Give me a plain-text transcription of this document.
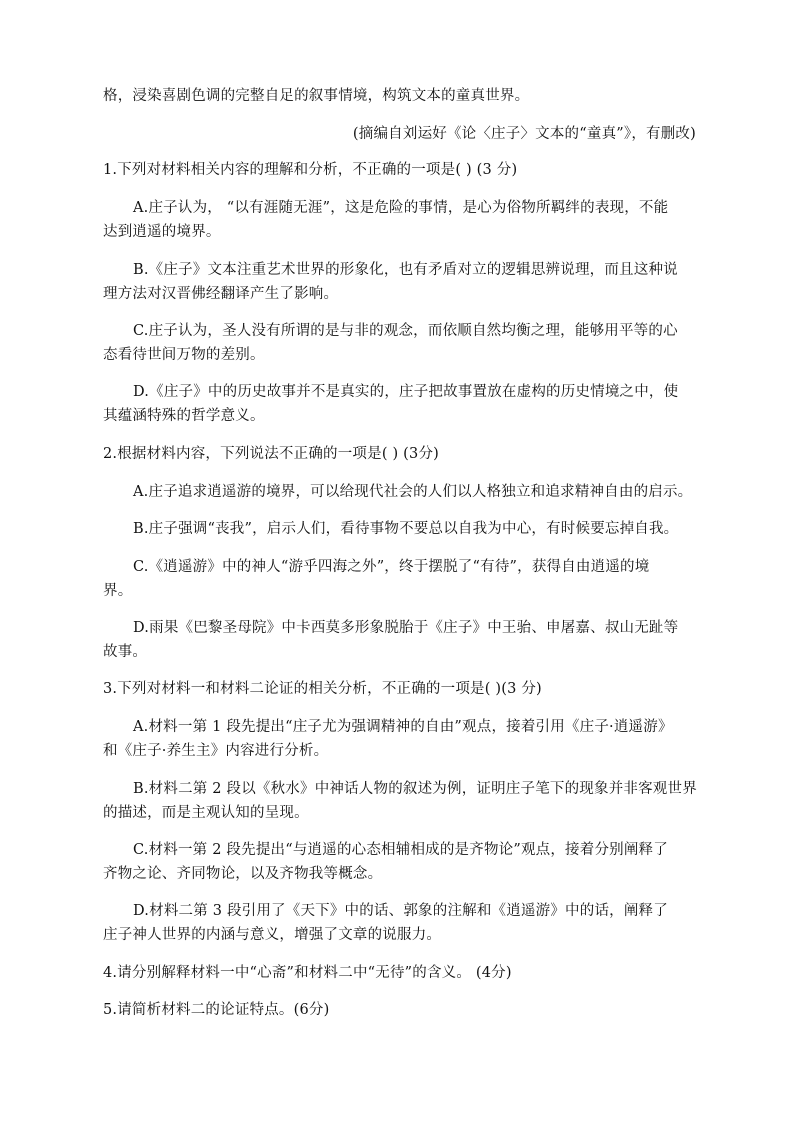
格，浸染喜剧色调的完整自足的叙事情境，构筑文本的童真世界。
(摘编自刘运好《论〈庄子〉文本的“童真”》，有删改)
1.下列对材料相关内容的理解和分析，不正确的一项是( ) (3 分)
A.庄子认为， “以有涯随无涯”，这是危险的事情，是心为俗物所羁绊的表现，不能
达到逍遥的境界。
B.《庄子》文本注重艺术世界的形象化，也有矛盾对立的逻辑思辨说理，而且这种说
理方法对汉晋佛经翻译产生了影响。
C.庄子认为，圣人没有所谓的是与非的观念，而依顺自然均衡之理，能够用平等的心
态看待世间万物的差别。
D.《庄子》中的历史故事并不是真实的，庄子把故事置放在虚构的历史情境之中，使
其蕴涵特殊的哲学意义。
2.根据材料内容，下列说法不正确的一项是( ) (3分)
A.庄子追求逍遥游的境界，可以给现代社会的人们以人格独立和追求精神自由的启示。
B.庄子强调“丧我”，启示人们，看待事物不要总以自我为中心，有时候要忘掉自我。
C.《逍遥游》中的神人“游乎四海之外”，终于摆脱了“有待”，获得自由逍遥的境
界。
D.雨果《巴黎圣母院》中卡西莫多形象脱胎于《庄子》中王骀、申屠嘉、叔山无趾等
故事。
3.下列对材料一和材料二论证的相关分析，不正确的一项是( )(3 分)
A.材料一第 1 段先提出“庄子尤为强调精神的自由”观点，接着引用《庄子·逍遥游》
和《庄子·养生主》内容进行分析。
B.材料二第 2 段以《秋水》中神话人物的叙述为例，证明庄子笔下的现象并非客观世界
的描述，而是主观认知的呈现。
C.材料一第 2 段先提出“与逍遥的心态相辅相成的是齐物论”观点，接着分别阐释了
齐物之论、齐同物论，以及齐物我等概念。
D.材料二第 3 段引用了《天下》中的话、郭象的注解和《逍遥游》中的话，阐释了
庄子神人世界的内涵与意义，增强了文章的说服力。
4.请分别解释材料一中“心斋”和材料二中“无待”的含义。 (4分)
5.请简析材料二的论证特点。(6分)
